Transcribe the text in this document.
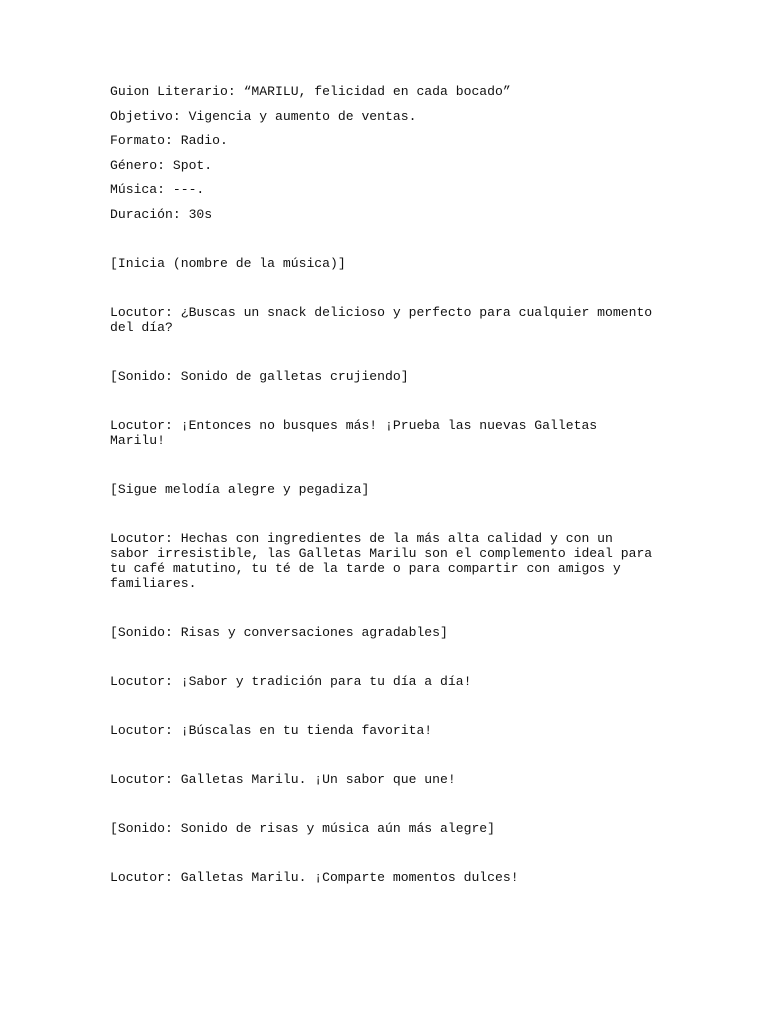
Guion Literario: “MARILU, felicidad en cada bocado”

Objetivo: Vigencia y aumento de ventas.

Formato: Radio.

Género: Spot.

Música: ---.

Duración: 30s

[Inicia (nombre de la música)]

Locutor: ¿Buscas un snack delicioso y perfecto para cualquier momento del día?

[Sonido: Sonido de galletas crujiendo]

Locutor: ¡Entonces no busques más! ¡Prueba las nuevas Galletas Marilu!

[Sigue melodía alegre y pegadiza]

Locutor: Hechas con ingredientes de la más alta calidad y con un sabor irresistible, las Galletas Marilu son el complemento ideal para tu café matutino, tu té de la tarde o para compartir con amigos y familiares.

[Sonido: Risas y conversaciones agradables]

Locutor: ¡Sabor y tradición para tu día a día!

Locutor: ¡Búscalas en tu tienda favorita!

Locutor: Galletas Marilu. ¡Un sabor que une!

[Sonido: Sonido de risas y música aún más alegre]

Locutor: Galletas Marilu. ¡Comparte momentos dulces!
